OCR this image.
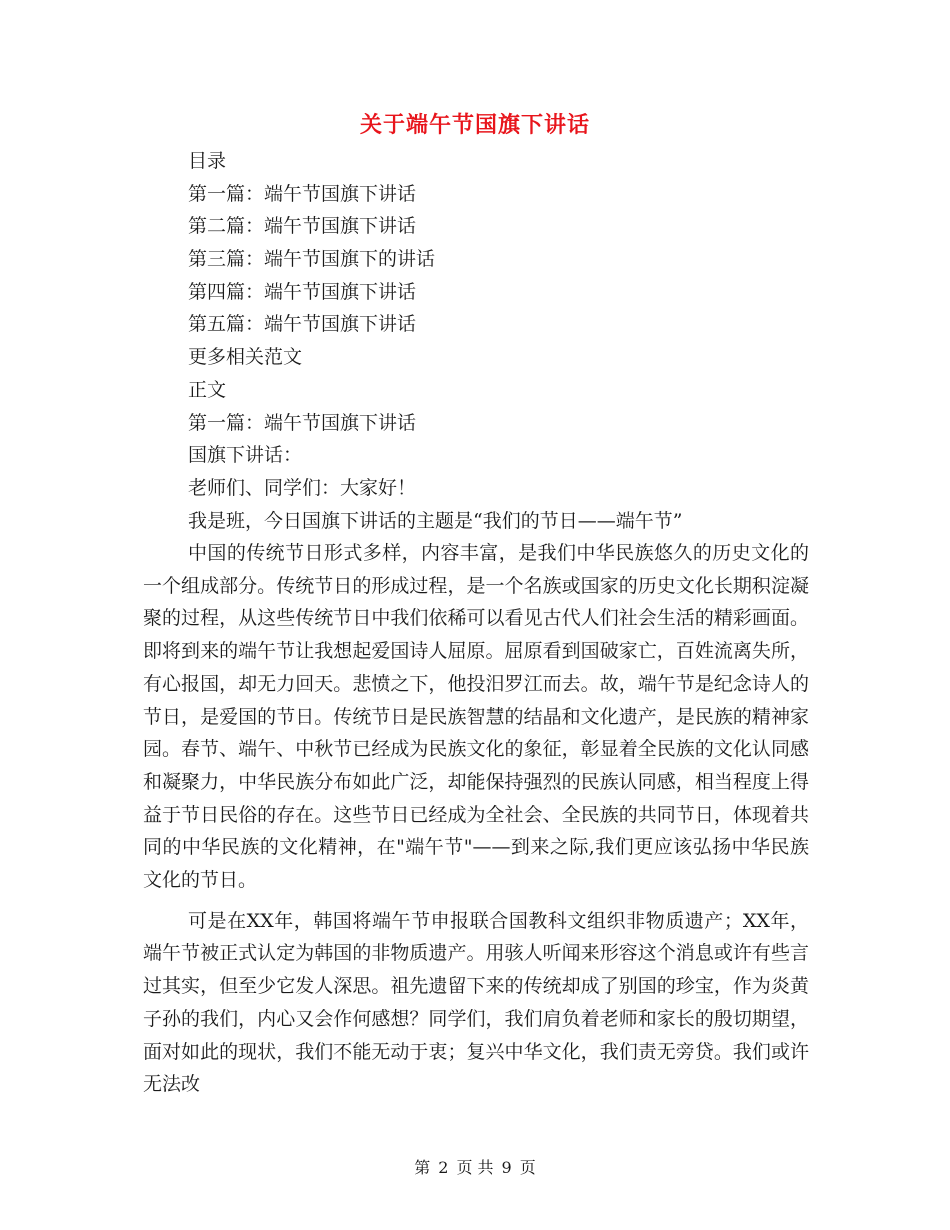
关于端午节国旗下讲话
目录
第一篇：端午节国旗下讲话
第二篇：端午节国旗下讲话
第三篇：端午节国旗下的讲话
第四篇：端午节国旗下讲话
第五篇：端午节国旗下讲话
更多相关范文
正文
第一篇：端午节国旗下讲话
国旗下讲话：
老师们、同学们：大家好！
我是班，今日国旗下讲话的主题是“我们的节日——端午节”

中国的传统节日形式多样，内容丰富，是我们中华民族悠久的历史文化的一个组成部分。传统节日的形成过程，是一个名族或国家的历史文化长期积淀凝聚的过程，从这些传统节日中我们依稀可以看见古代人们社会生活的精彩画面。即将到来的端午节让我想起爱国诗人屈原。屈原看到国破家亡，百姓流离失所，有心报国，却无力回天。悲愤之下，他投汨罗江而去。故，端午节是纪念诗人的节日，是爱国的节日。传统节日是民族智慧的结晶和文化遗产，是民族的精神家园。春节、端午、中秋节已经成为民族文化的象征，彰显着全民族的文化认同感和凝聚力，中华民族分布如此广泛，却能保持强烈的民族认同感，相当程度上得益于节日民俗的存在。这些节日已经成为全社会、全民族的共同节日，体现着共同的中华民族的文化精神，在"端午节"——到来之际,我们更应该弘扬中华民族文化的节日。

可是在XX年，韩国将端午节申报联合国教科文组织非物质遗产；XX年，端午节被正式认定为韩国的非物质遗产。用骇人听闻来形容这个消息或许有些言过其实，但至少它发人深思。祖先遗留下来的传统却成了别国的珍宝，作为炎黄子孙的我们，内心又会作何感想？同学们，我们肩负着老师和家长的殷切期望，面对如此的现状，我们不能无动于衷；复兴中华文化，我们责无旁贷。我们或许无法改

第 2 页 共 9 页
